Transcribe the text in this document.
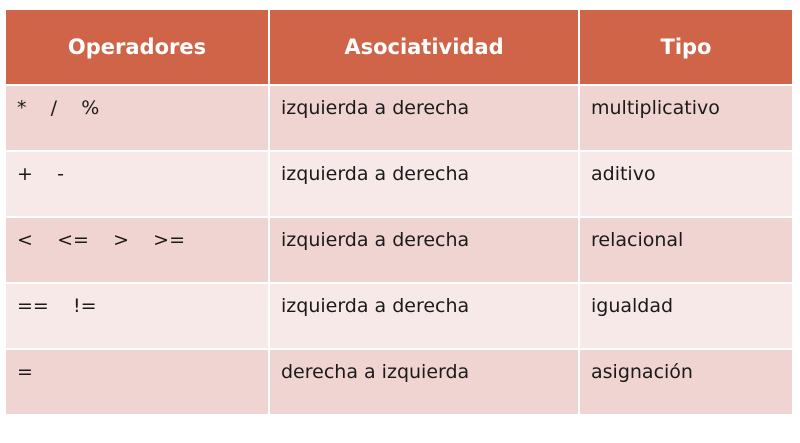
Operadores	Asociatividad	Tipo
*    /    %	izquierda a derecha	multiplicativo
+    -	izquierda a derecha	aditivo
<    <=    >    >=	izquierda a derecha	relacional
==    !=	izquierda a derecha	igualdad
=	derecha a izquierda	asignación
